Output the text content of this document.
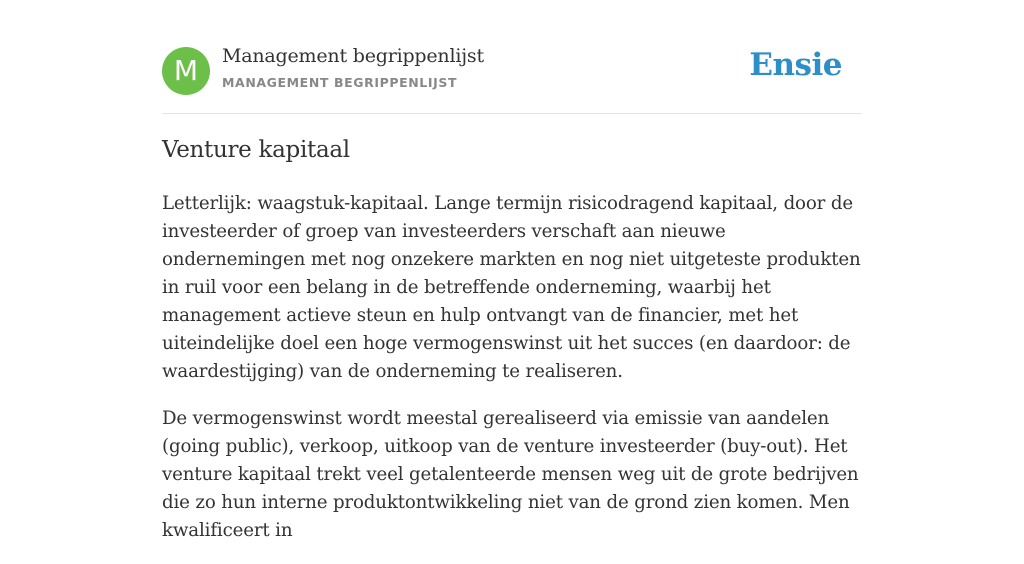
M Management begrippenlijst
MANAGEMENT BEGRIPPENLIJST	Ensie
Venture kapitaal

Letterlijk: waagstuk-kapitaal. Lange termijn risicodragend kapitaal, door de investeerder of groep van investeerders verschaft aan nieuwe ondernemingen met nog onzekere markten en nog niet uitgeteste produkten in ruil voor een belang in de betreffende onderneming, waarbij het management actieve steun en hulp ontvangt van de financier, met het uiteindelijke doel een hoge vermogenswinst uit het succes (en daardoor: de waardestijging) van de onderneming te realiseren.

De vermogenswinst wordt meestal gerealiseerd via emissie van aandelen (going public), verkoop, uitkoop van de venture investeerder (buy-out). Het venture kapitaal trekt veel getalenteerde mensen weg uit de grote bedrijven die zo hun interne produktontwikkeling niet van de grond zien komen. Men kwalificeert in
